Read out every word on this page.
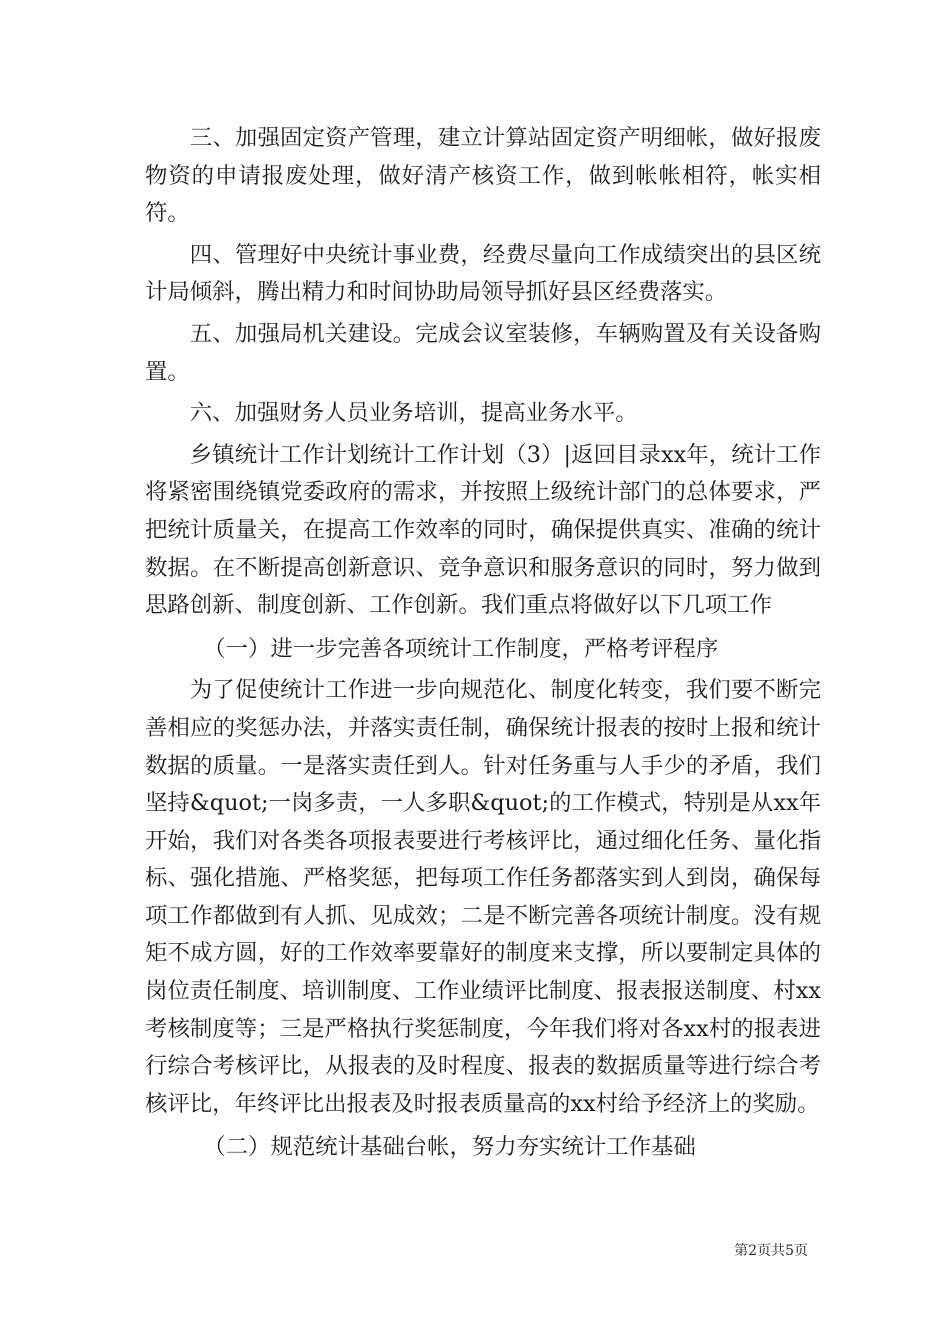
三、加强固定资产管理，建立计算站固定资产明细帐，做好报废物资的申请报废处理，做好清产核资工作，做到帐帐相符，帐实相符。

四、管理好中央统计事业费，经费尽量向工作成绩突出的县区统计局倾斜，腾出精力和时间协助局领导抓好县区经费落实。

五、加强局机关建设。完成会议室装修，车辆购置及有关设备购置。

六、加强财务人员业务培训，提高业务水平。

乡镇统计工作计划统计工作计划（3）|返回目录xx年，统计工作将紧密围绕镇党委政府的需求，并按照上级统计部门的总体要求，严把统计质量关，在提高工作效率的同时，确保提供真实、准确的统计数据。在不断提高创新意识、竞争意识和服务意识的同时，努力做到思路创新、制度创新、工作创新。我们重点将做好以下几项工作

（一）进一步完善各项统计工作制度，严格考评程序

为了促使统计工作进一步向规范化、制度化转变，我们要不断完善相应的奖惩办法，并落实责任制，确保统计报表的按时上报和统计数据的质量。一是落实责任到人。针对任务重与人手少的矛盾，我们坚持&quot;一岗多责，一人多职&quot;的工作模式，特别是从xx年开始，我们对各类各项报表要进行考核评比，通过细化任务、量化指标、强化措施、严格奖惩，把每项工作任务都落实到人到岗，确保每项工作都做到有人抓、见成效；二是不断完善各项统计制度。没有规矩不成方圆，好的工作效率要靠好的制度来支撑，所以要制定具体的岗位责任制度、培训制度、工作业绩评比制度、报表报送制度、村xx考核制度等；三是严格执行奖惩制度，今年我们将对各xx村的报表进行综合考核评比，从报表的及时程度、报表的数据质量等进行综合考核评比，年终评比出报表及时报表质量高的xx村给予经济上的奖励。

（二）规范统计基础台帐，努力夯实统计工作基础

第2页共5页
